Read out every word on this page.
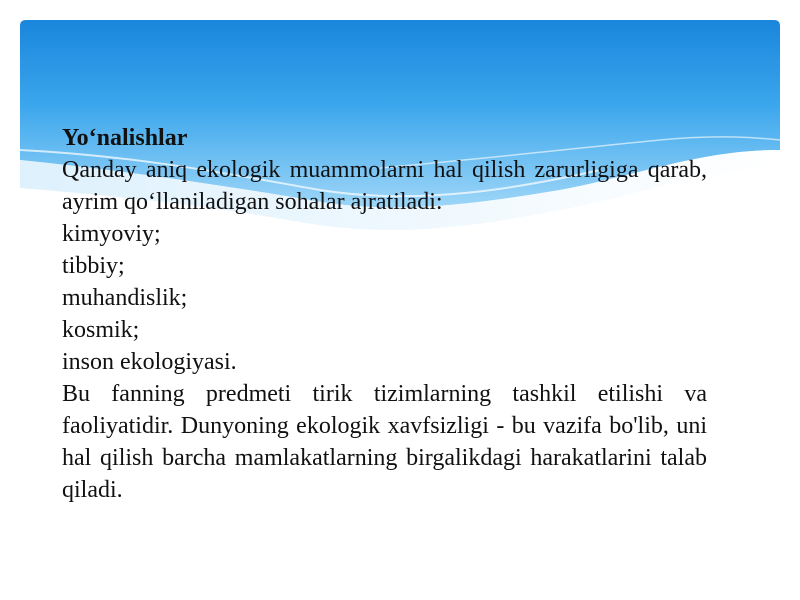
Yo‘nalishlar

Qanday aniq ekologik muammolarni hal qilish zarurligiga qarab, ayrim qo‘llaniladigan sohalar ajratiladi:

kimyoviy;

tibbiy;

muhandislik;

kosmik;

inson ekologiyasi.

Bu fanning predmeti tirik tizimlarning tashkil etilishi va faoliyatidir. Dunyoning ekologik xavfsizligi - bu vazifa bo'lib, uni hal qilish barcha mamlakatlarning birgalikdagi harakatlarini talab qiladi.
